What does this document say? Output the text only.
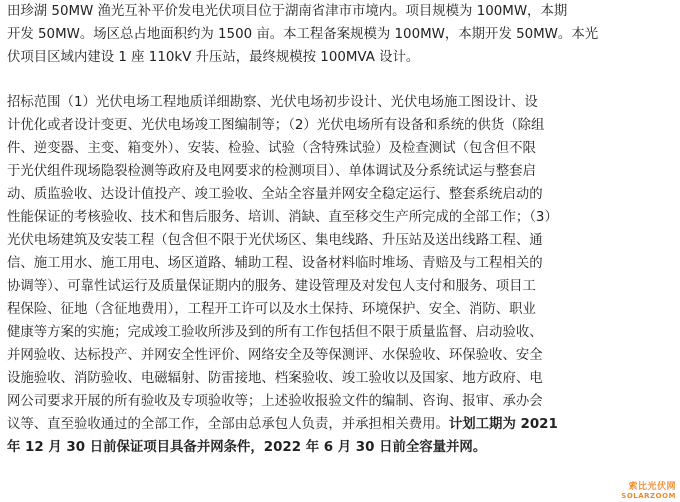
田珍湖 50MW 渔光互补平价发电光伏项目位于湖南省津市市境内。项目规模为 100MW，本期
开发 50MW。场区总占地面积约为 1500 亩。本工程备案规模为 100MW，本期开发 50MW。本光
伏项目区域内建设 1 座 110kV 升压站，最终规模按 100MVA 设计。
招标范围（1）光伏电场工程地质详细勘察、光伏电场初步设计、光伏电场施工图设计、设
计优化或者设计变更、光伏电场竣工图编制等；（2）光伏电场所有设备和系统的供货（除组
件、逆变器、主变、箱变外）、安装、检验、试验（含特殊试验）及检查测试（包含但不限
于光伏组件现场隐裂检测等政府及电网要求的检测项目）、单体调试及分系统试运与整套启
动、质监验收、达设计值投产、竣工验收、全站全容量并网安全稳定运行、整套系统启动的
性能保证的考核验收、技术和售后服务、培训、消缺、直至移交生产所完成的全部工作；（3）
光伏电场建筑及安装工程（包含但不限于光伏场区、集电线路、升压站及送出线路工程、通
信、施工用水、施工用电、场区道路、辅助工程、设备材料临时堆场、青赔及与工程相关的
协调等）、可靠性试运行及质量保证期内的服务、建设管理及对发包人支付和服务、项目工
程保险、征地（含征地费用），工程开工许可以及水土保持、环境保护、安全、消防、职业
健康等方案的实施；完成竣工验收所涉及到的所有工作包括但不限于质量监督、启动验收、
并网验收、达标投产、并网安全性评价、网络安全及等保测评、水保验收、环保验收、安全
设施验收、消防验收、电磁辐射、防雷接地、档案验收、竣工验收以及国家、地方政府、电
网公司要求开展的所有验收及专项验收等；上述验收报验文件的编制、咨询、报审、承办会
议等、直至验收通过的全部工作，全部由总承包人负责，并承担相关费用。计划工期为 2021
年 12 月 30 日前保证项目具备并网条件，2022 年 6 月 30 日前全容量并网。
索比光伏网
SOLARZOOM
